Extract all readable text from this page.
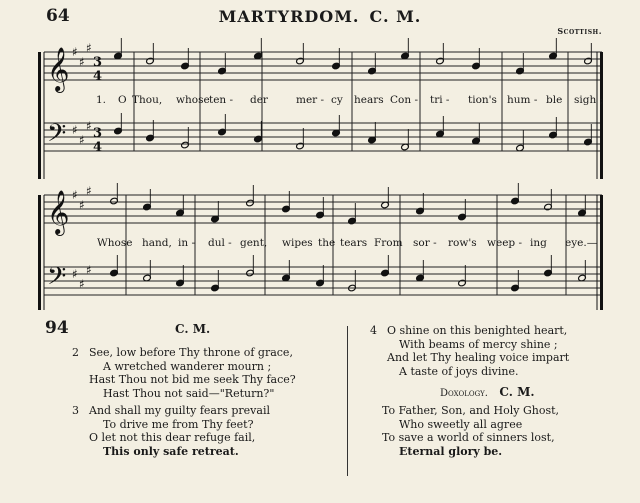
64	MARTYRDOM. C. M.
Scottish.
𝄞
𝄢
𝄞
𝄢
♯
♯
♯
♯
♯
♯
♯
♯
♯
♯
♯
♯
3
4
3
4
1. O Thou, whose ten - der	mer - cy hears Con - tri - tion's hum - ble sigh ;
Whose hand, in - dul - gent, wipes the tears From sor - row's weep - ing eye.—
94	C. M.
2 See, low before Thy throne of grace,
A wretched wanderer mourn ;
Hast Thou not bid me seek Thy face?
Hast Thou not said—"Return?"
3 And shall my guilty fears prevail
To drive me from Thy feet?
O let not this dear refuge fail,
This only safe retreat.
4 O shine on this benighted heart,
With beams of mercy shine ;
And let Thy healing voice impart
A taste of joys divine.
Doxology. C. M.
To Father, Son, and Holy Ghost,
Who sweetly all agree
To save a world of sinners lost,
Eternal glory be.
